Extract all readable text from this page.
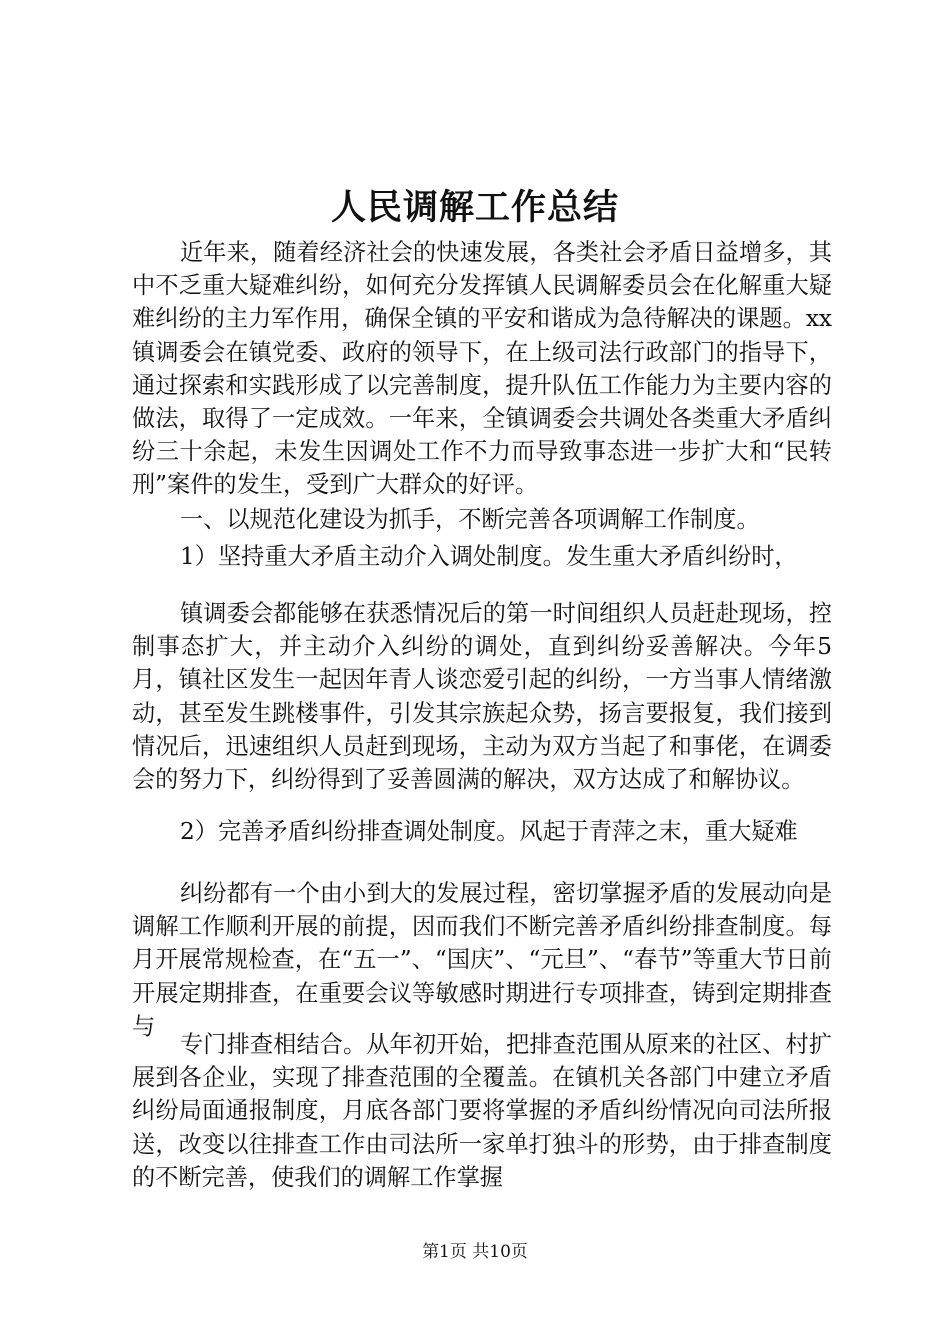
人民调解工作总结
近年来，随着经济社会的快速发展，各类社会矛盾日益增多，其中不乏重大疑难纠纷，如何充分发挥镇人民调解委员会在化解重大疑难纠纷的主力军作用，确保全镇的平安和谐成为急待解决的课题。xx镇调委会在镇党委、政府的领导下，在上级司法行政部门的指导下，通过探索和实践形成了以完善制度，提升队伍工作能力为主要内容的做法，取得了一定成效。一年来，全镇调委会共调处各类重大矛盾纠纷三十余起，未发生因调处工作不力而导致事态进一步扩大和“民转刑”案件的发生，受到广大群众的好评。
一、以规范化建设为抓手，不断完善各项调解工作制度。
1）坚持重大矛盾主动介入调处制度。发生重大矛盾纠纷时，
镇调委会都能够在获悉情况后的第一时间组织人员赶赴现场，控制事态扩大，并主动介入纠纷的调处，直到纠纷妥善解决。今年5月，镇社区发生一起因年青人谈恋爱引起的纠纷，一方当事人情绪激动，甚至发生跳楼事件，引发其宗族起众势，扬言要报复，我们接到情况后，迅速组织人员赶到现场，主动为双方当起了和事佬，在调委会的努力下，纠纷得到了妥善圆满的解决，双方达成了和解协议。
2）完善矛盾纠纷排查调处制度。风起于青萍之末，重大疑难
纠纷都有一个由小到大的发展过程，密切掌握矛盾的发展动向是调解工作顺利开展的前提，因而我们不断完善矛盾纠纷排查制度。每月开展常规检查，在“五一”、“国庆”、“元旦”、“春节”等重大节日前开展定期排查，在重要会议等敏感时期进行专项排查，铸到定期排查与
专门排查相结合。从年初开始，把排查范围从原来的社区、村扩展到各企业，实现了排查范围的全覆盖。在镇机关各部门中建立矛盾纠纷局面通报制度，月底各部门要将掌握的矛盾纠纷情况向司法所报送，改变以往排查工作由司法所一家单打独斗的形势，由于排查制度的不断完善，使我们的调解工作掌握
第1页 共10页
